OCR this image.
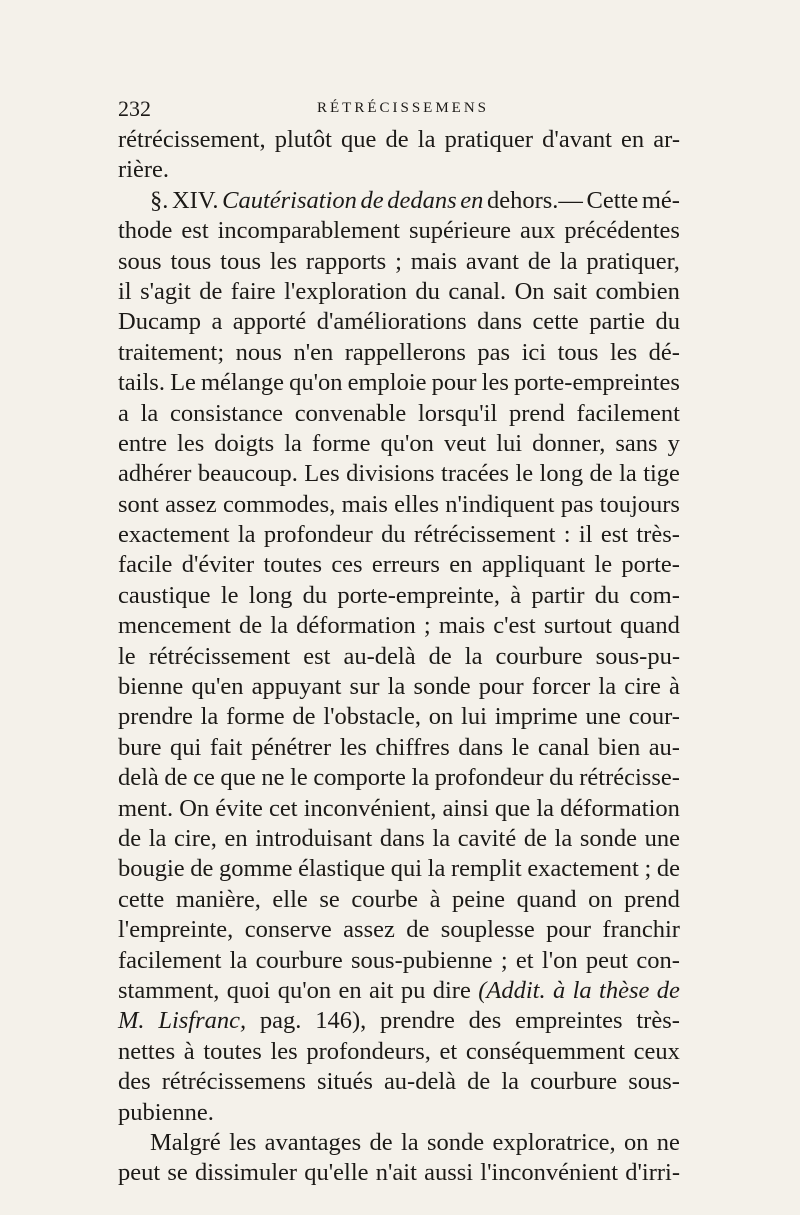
232	RÉTRÉCISSEMENS
rétrécissement, plutôt que de la pratiquer d'avant en ar-
rière.
§. XIV. Cautérisation de dedans en dehors.— Cette mé-
thode est incomparablement supérieure aux précédentes
sous tous tous les rapports ; mais avant de la pratiquer,
il s'agit de faire l'exploration du canal. On sait combien
Ducamp a apporté d'améliorations dans cette partie du
traitement; nous n'en rappellerons pas ici tous les dé-
tails. Le mélange qu'on emploie pour les porte-empreintes
a la consistance convenable lorsqu'il prend facilement
entre les doigts la forme qu'on veut lui donner, sans y
adhérer beaucoup. Les divisions tracées le long de la tige
sont assez commodes, mais elles n'indiquent pas toujours
exactement la profondeur du rétrécissement : il est très-
facile d'éviter toutes ces erreurs en appliquant le porte-
caustique le long du porte-empreinte, à partir du com-
mencement de la déformation ; mais c'est surtout quand
le rétrécissement est au-delà de la courbure sous-pu-
bienne qu'en appuyant sur la sonde pour forcer la cire à
prendre la forme de l'obstacle, on lui imprime une cour-
bure qui fait pénétrer les chiffres dans le canal bien au-
delà de ce que ne le comporte la profondeur du rétrécisse-
ment. On évite cet inconvénient, ainsi que la déformation
de la cire, en introduisant dans la cavité de la sonde une
bougie de gomme élastique qui la remplit exactement ; de
cette manière, elle se courbe à peine quand on prend
l'empreinte, conserve assez de souplesse pour franchir
facilement la courbure sous-pubienne ; et l'on peut con-
stamment, quoi qu'on en ait pu dire (Addit. à la thèse de
M. Lisfranc, pag. 146), prendre des empreintes très-
nettes à toutes les profondeurs, et conséquemment ceux
des rétrécissemens situés au-delà de la courbure sous-
pubienne.
Malgré les avantages de la sonde exploratrice, on ne
peut se dissimuler qu'elle n'ait aussi l'inconvénient d'irri-
